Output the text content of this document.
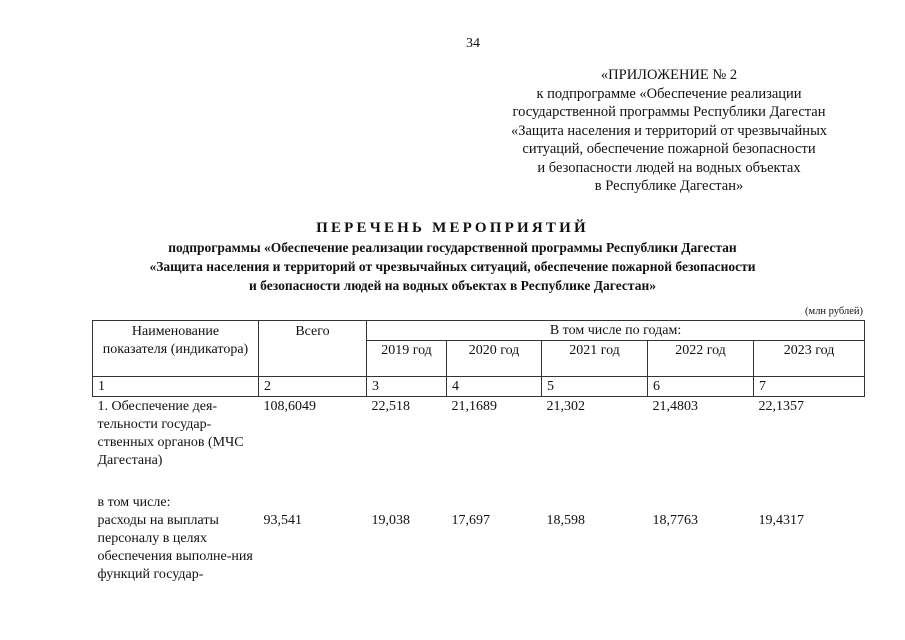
34
«ПРИЛОЖЕНИЕ № 2
к подпрограмме «Обеспечение реализации
государственной программы Республики Дагестан
«Защита населения и территорий от чрезвычайных
ситуаций, обеспечение пожарной безопасности
и безопасности людей на водных объектах
в Республике Дагестан»
ПЕРЕЧЕНЬ МЕРОПРИЯТИЙ
подпрограммы «Обеспечение реализации государственной программы Республики Дагестан
«Защита населения и территорий от чрезвычайных ситуаций, обеспечение пожарной безопасности
и безопасности людей на водных объектах в Республике Дагестан»
(млн рублей)
Наименование показателя (индикатора)	Всего	В том числе по годам:				
		2019 год	2020 год	2021 год	2022 год	2023 год
1	2	3	4	5	6	7
1. Обеспечение дея-тельности государ-ственных органов (МЧС Дагестана)	108,6049	22,518	21,1689	21,302	21,4803	22,1357

в том числе:
расходы на выплаты персоналу в целях обеспечения выполне-ния функций государ-	93,541	19,038	17,697	18,598	18,7763	19,4317
